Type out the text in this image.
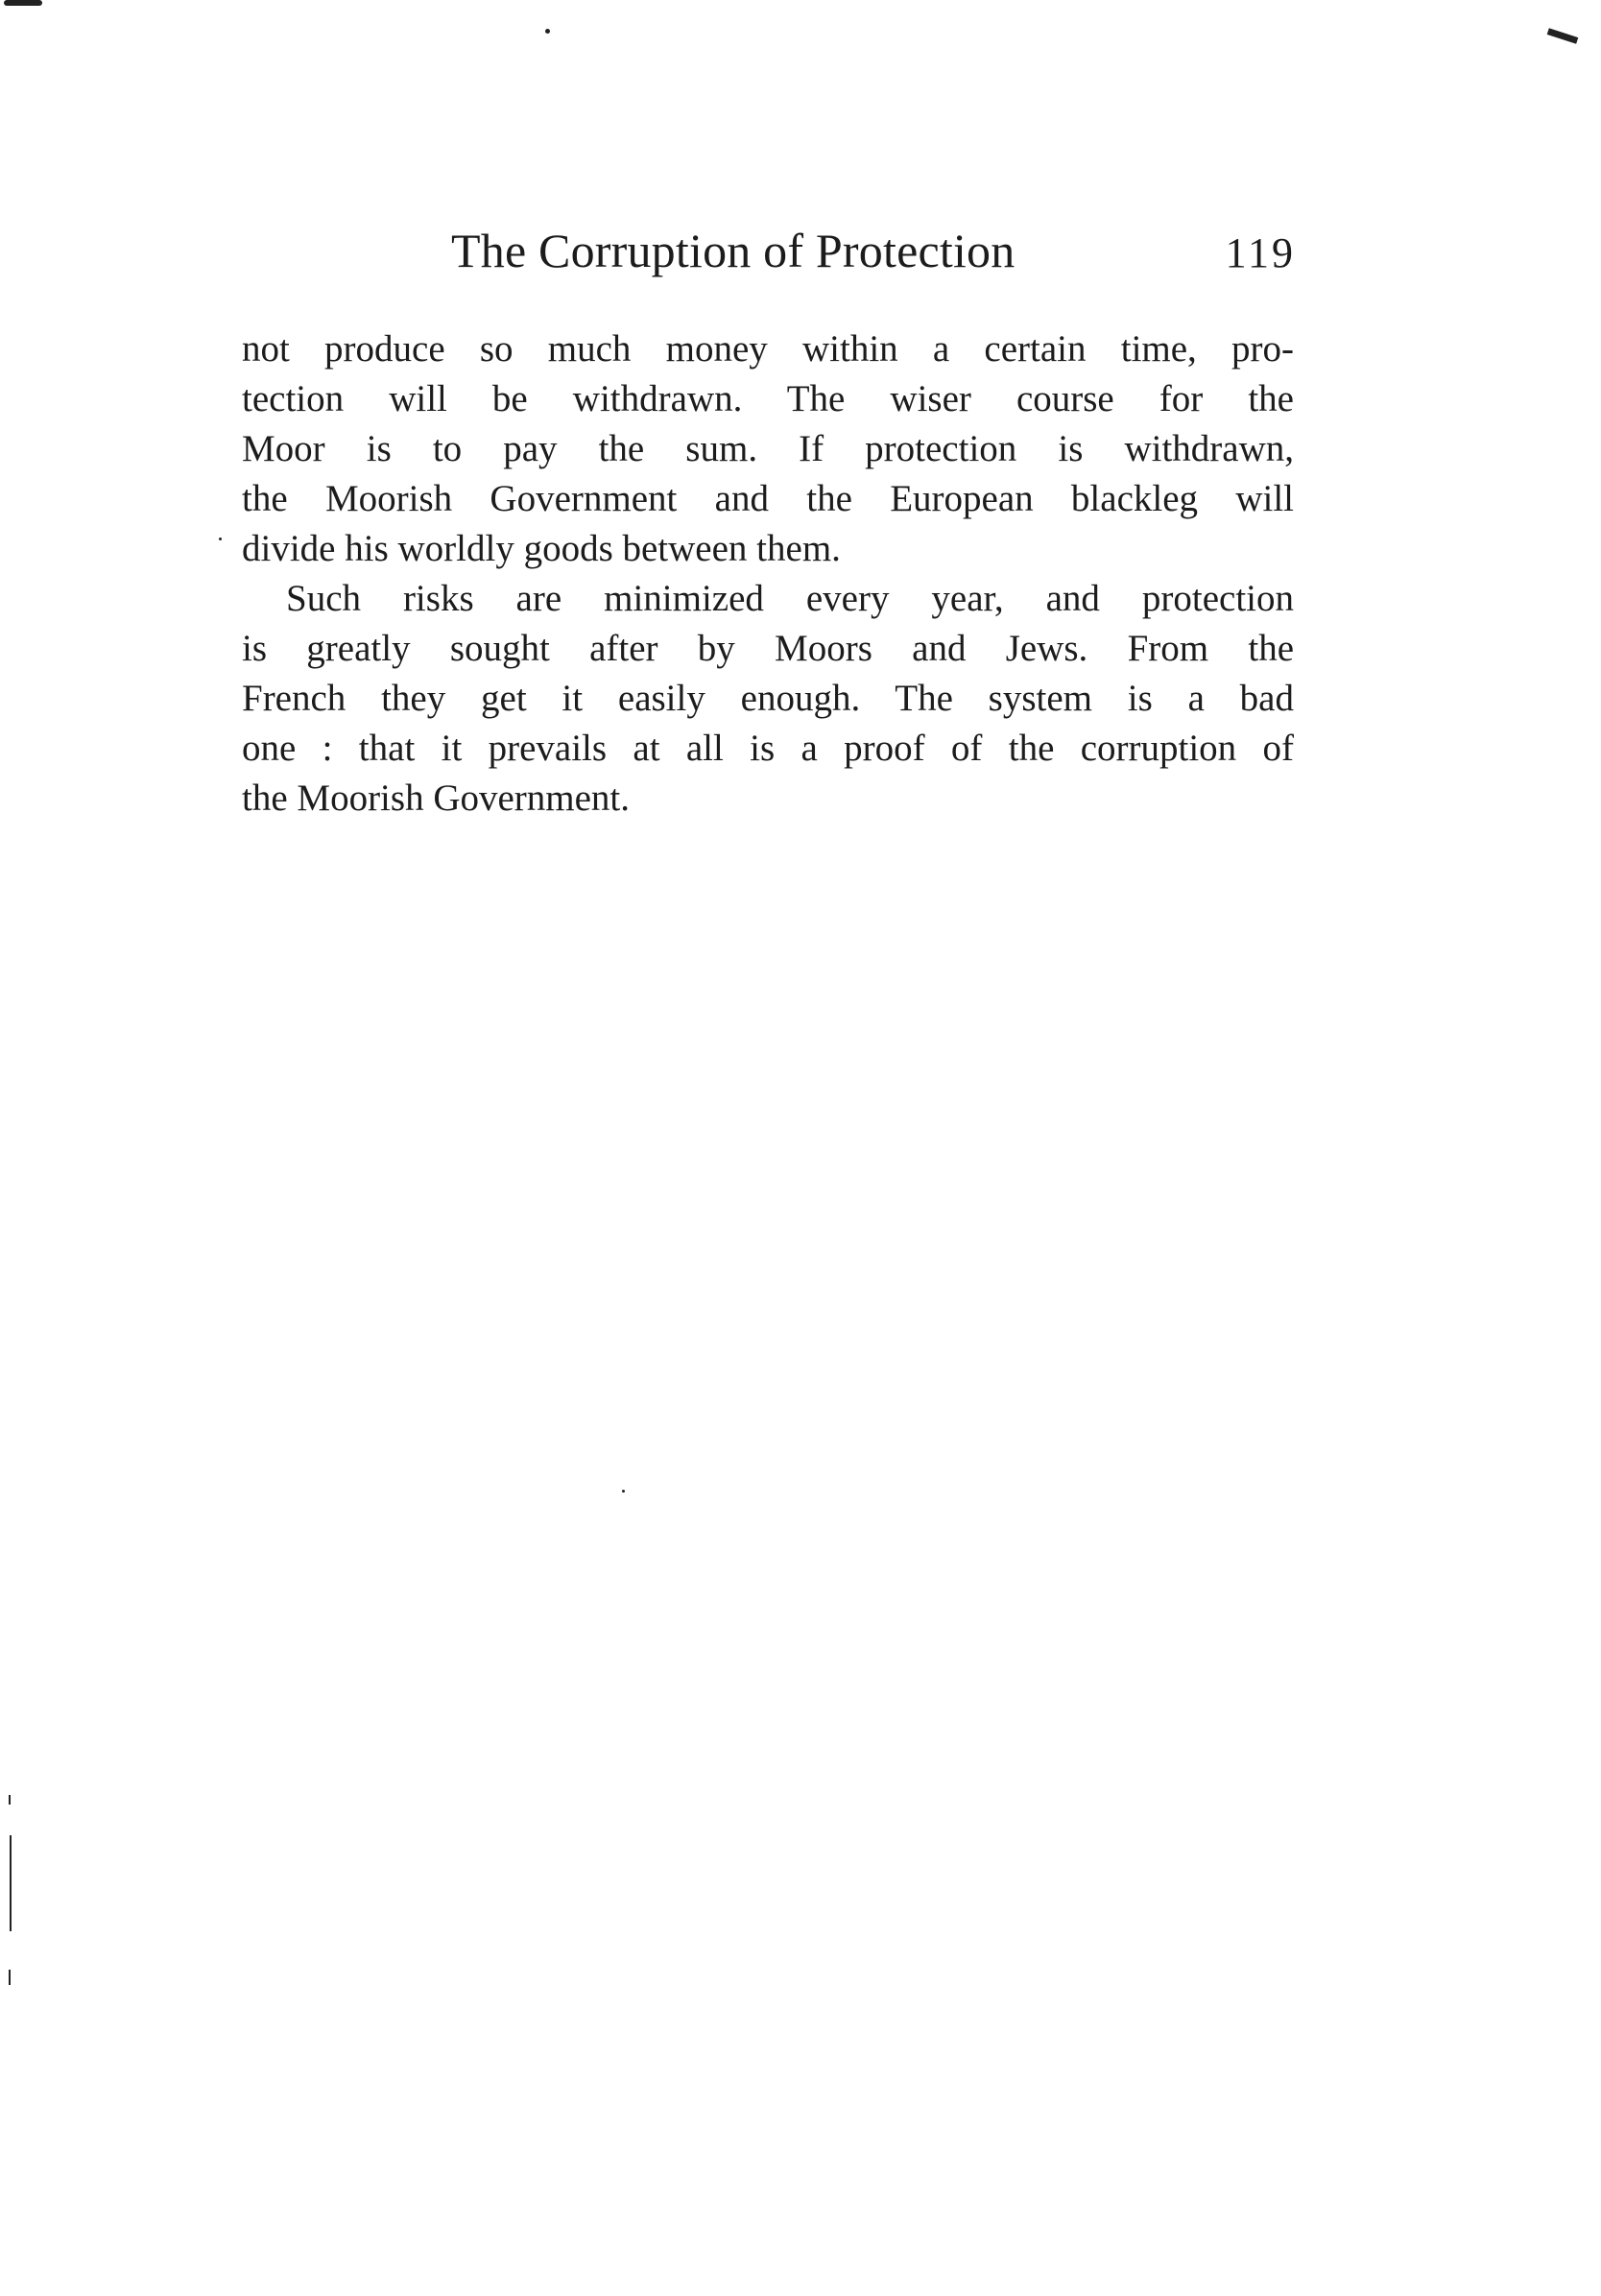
The Corruption of Protection	119
not produce so much money within a certain time, pro-
tection will be withdrawn. The wiser course for the
Moor is to pay the sum. If protection is withdrawn,
the Moorish Government and the European blackleg will
divide his worldly goods between them.
Such risks are minimized every year, and protection
is greatly sought after by Moors and Jews. From the
French they get it easily enough. The system is a bad
one : that it prevails at all is a proof of the corruption of
the Moorish Government.
